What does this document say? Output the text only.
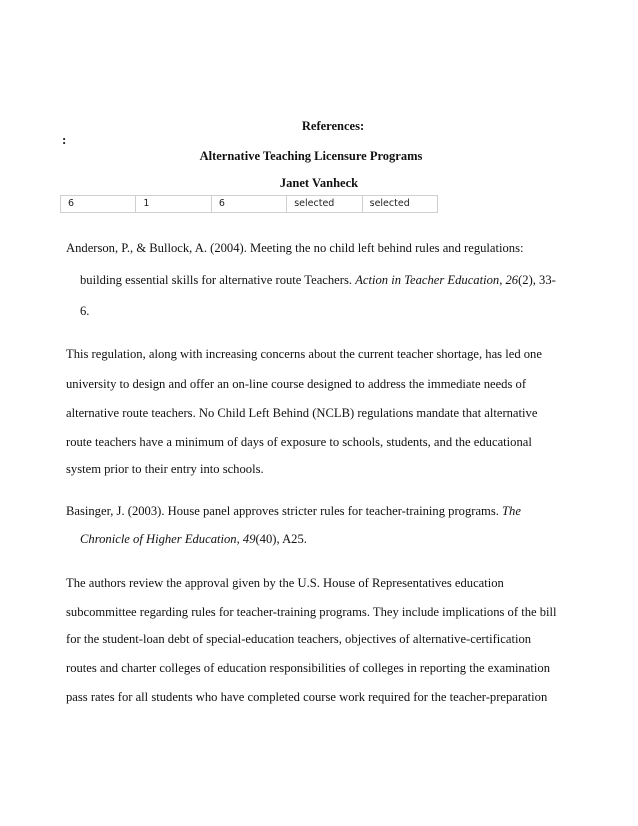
:
References:
Alternative Teaching Licensure Programs
Janet Vanheck
6	1	6	selected	selected
Anderson, P., & Bullock, A. (2004). Meeting the no child left behind rules and regulations:
building essential skills for alternative route Teachers. Action in Teacher Education, 26(2), 33-
6.
This regulation, along with increasing concerns about the current teacher shortage, has led one
university to design and offer an on-line course designed to address the immediate needs of
alternative route teachers. No Child Left Behind (NCLB) regulations mandate that alternative
route teachers have a minimum of days of exposure to schools, students, and the educational
system prior to their entry into schools.
Basinger, J. (2003). House panel approves stricter rules for teacher-training programs. The
Chronicle of Higher Education, 49(40), A25.
The authors review the approval given by the U.S. House of Representatives education
subcommittee regarding rules for teacher-training programs. They include implications of the bill
for the student-loan debt of special-education teachers, objectives of alternative-certification
routes and charter colleges of education responsibilities of colleges in reporting the examination
pass rates for all students who have completed course work required for the teacher-preparation
